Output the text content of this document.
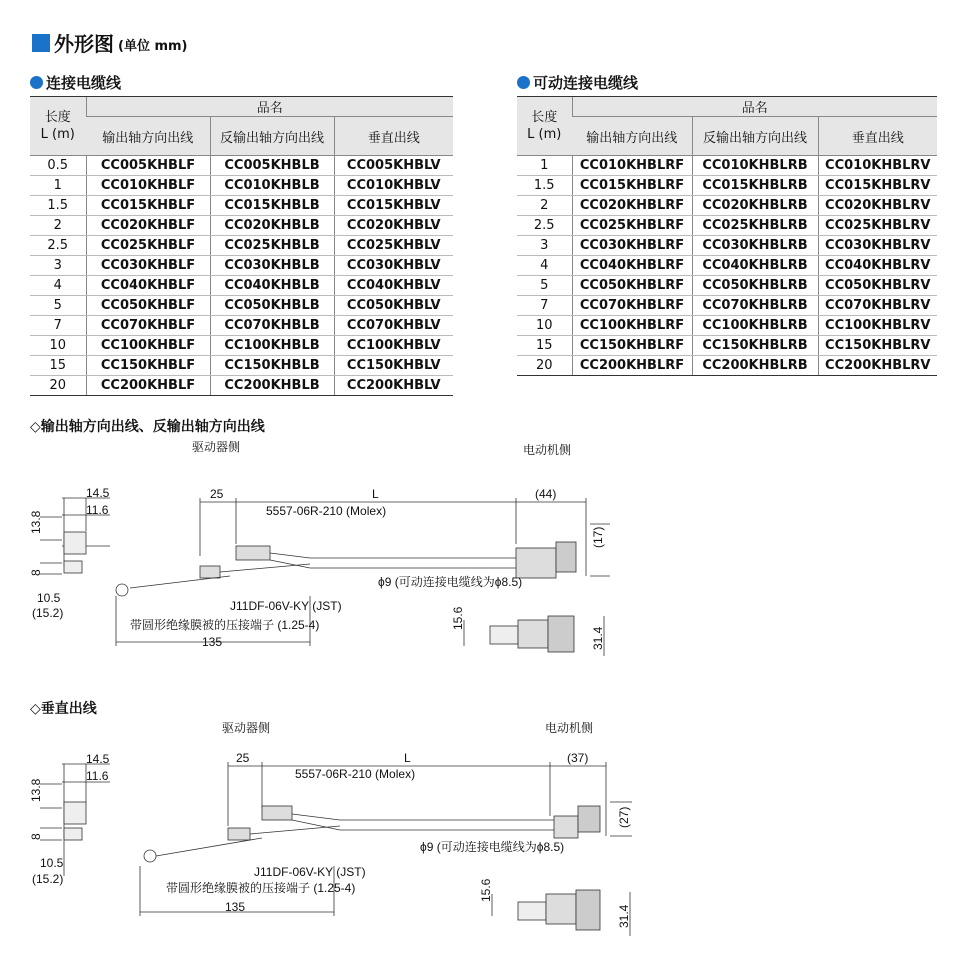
外形图 (单位 mm)
连接电缆线	可动连接电缆线
长度
L (m)	品名		
	输出轴方向出线	反输出轴方向出线	垂直出线
0.5	CC005KHBLF	CC005KHBLB	CC005KHBLV
1	CC010KHBLF	CC010KHBLB	CC010KHBLV
1.5	CC015KHBLF	CC015KHBLB	CC015KHBLV
2	CC020KHBLF	CC020KHBLB	CC020KHBLV
2.5	CC025KHBLF	CC025KHBLB	CC025KHBLV
3	CC030KHBLF	CC030KHBLB	CC030KHBLV
4	CC040KHBLF	CC040KHBLB	CC040KHBLV
5	CC050KHBLF	CC050KHBLB	CC050KHBLV
7	CC070KHBLF	CC070KHBLB	CC070KHBLV
10	CC100KHBLF	CC100KHBLB	CC100KHBLV
15	CC150KHBLF	CC150KHBLB	CC150KHBLV
20	CC200KHBLF	CC200KHBLB	CC200KHBLV
长度
L (m)	品名		
	输出轴方向出线	反输出轴方向出线	垂直出线
1	CC010KHBLRF	CC010KHBLRB	CC010KHBLRV
1.5	CC015KHBLRF	CC015KHBLRB	CC015KHBLRV
2	CC020KHBLRF	CC020KHBLRB	CC020KHBLRV
2.5	CC025KHBLRF	CC025KHBLRB	CC025KHBLRV
3	CC030KHBLRF	CC030KHBLRB	CC030KHBLRV
4	CC040KHBLRF	CC040KHBLRB	CC040KHBLRV
5	CC050KHBLRF	CC050KHBLRB	CC050KHBLRV
7	CC070KHBLRF	CC070KHBLRB	CC070KHBLRV
10	CC100KHBLRF	CC100KHBLRB	CC100KHBLRV
15	CC150KHBLRF	CC150KHBLRB	CC150KHBLRV
20	CC200KHBLRF	CC200KHBLRB	CC200KHBLRV
◇输出轴方向出线、反输出轴方向出线
驱动器侧	电动机侧
14.5
11.6
13.8
8
10.5
(15.2)
25	L	(44)
(17)
5557-06R-210 (Molex)
ϕ9 (可动连接电缆线为ϕ8.5)
J11DF-06V-KY (JST)
带圆形绝缘膜被的压接端子 (1.25-4)
135
15.6
31.4
◇垂直出线
驱动器侧	电动机侧
14.5
11.6
13.8
8
10.5
(15.2)
25	L	(37)
(27)
5557-06R-210 (Molex)
ϕ9 (可动连接电缆线为ϕ8.5)
J11DF-06V-KY (JST)
带圆形绝缘膜被的压接端子 (1.25-4)
135
15.6
31.4
